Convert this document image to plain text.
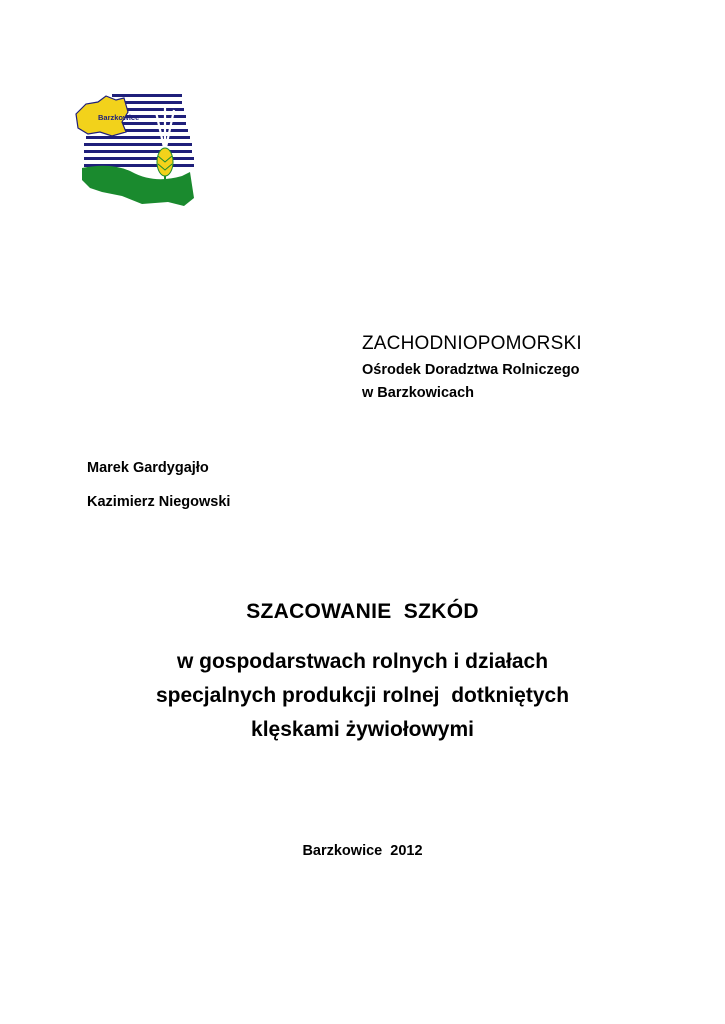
Barzkowice
ZACHODNIOPOMORSKI
Ośrodek Doradztwa Rolniczego
w Barzkowicach
Marek Gardygajło
Kazimierz Niegowski
SZACOWANIE  SZKÓD
w gospodarstwach rolnych i działach
specjalnych produkcji rolnej  dotkniętych
klęskami żywiołowymi
Barzkowice  2012
